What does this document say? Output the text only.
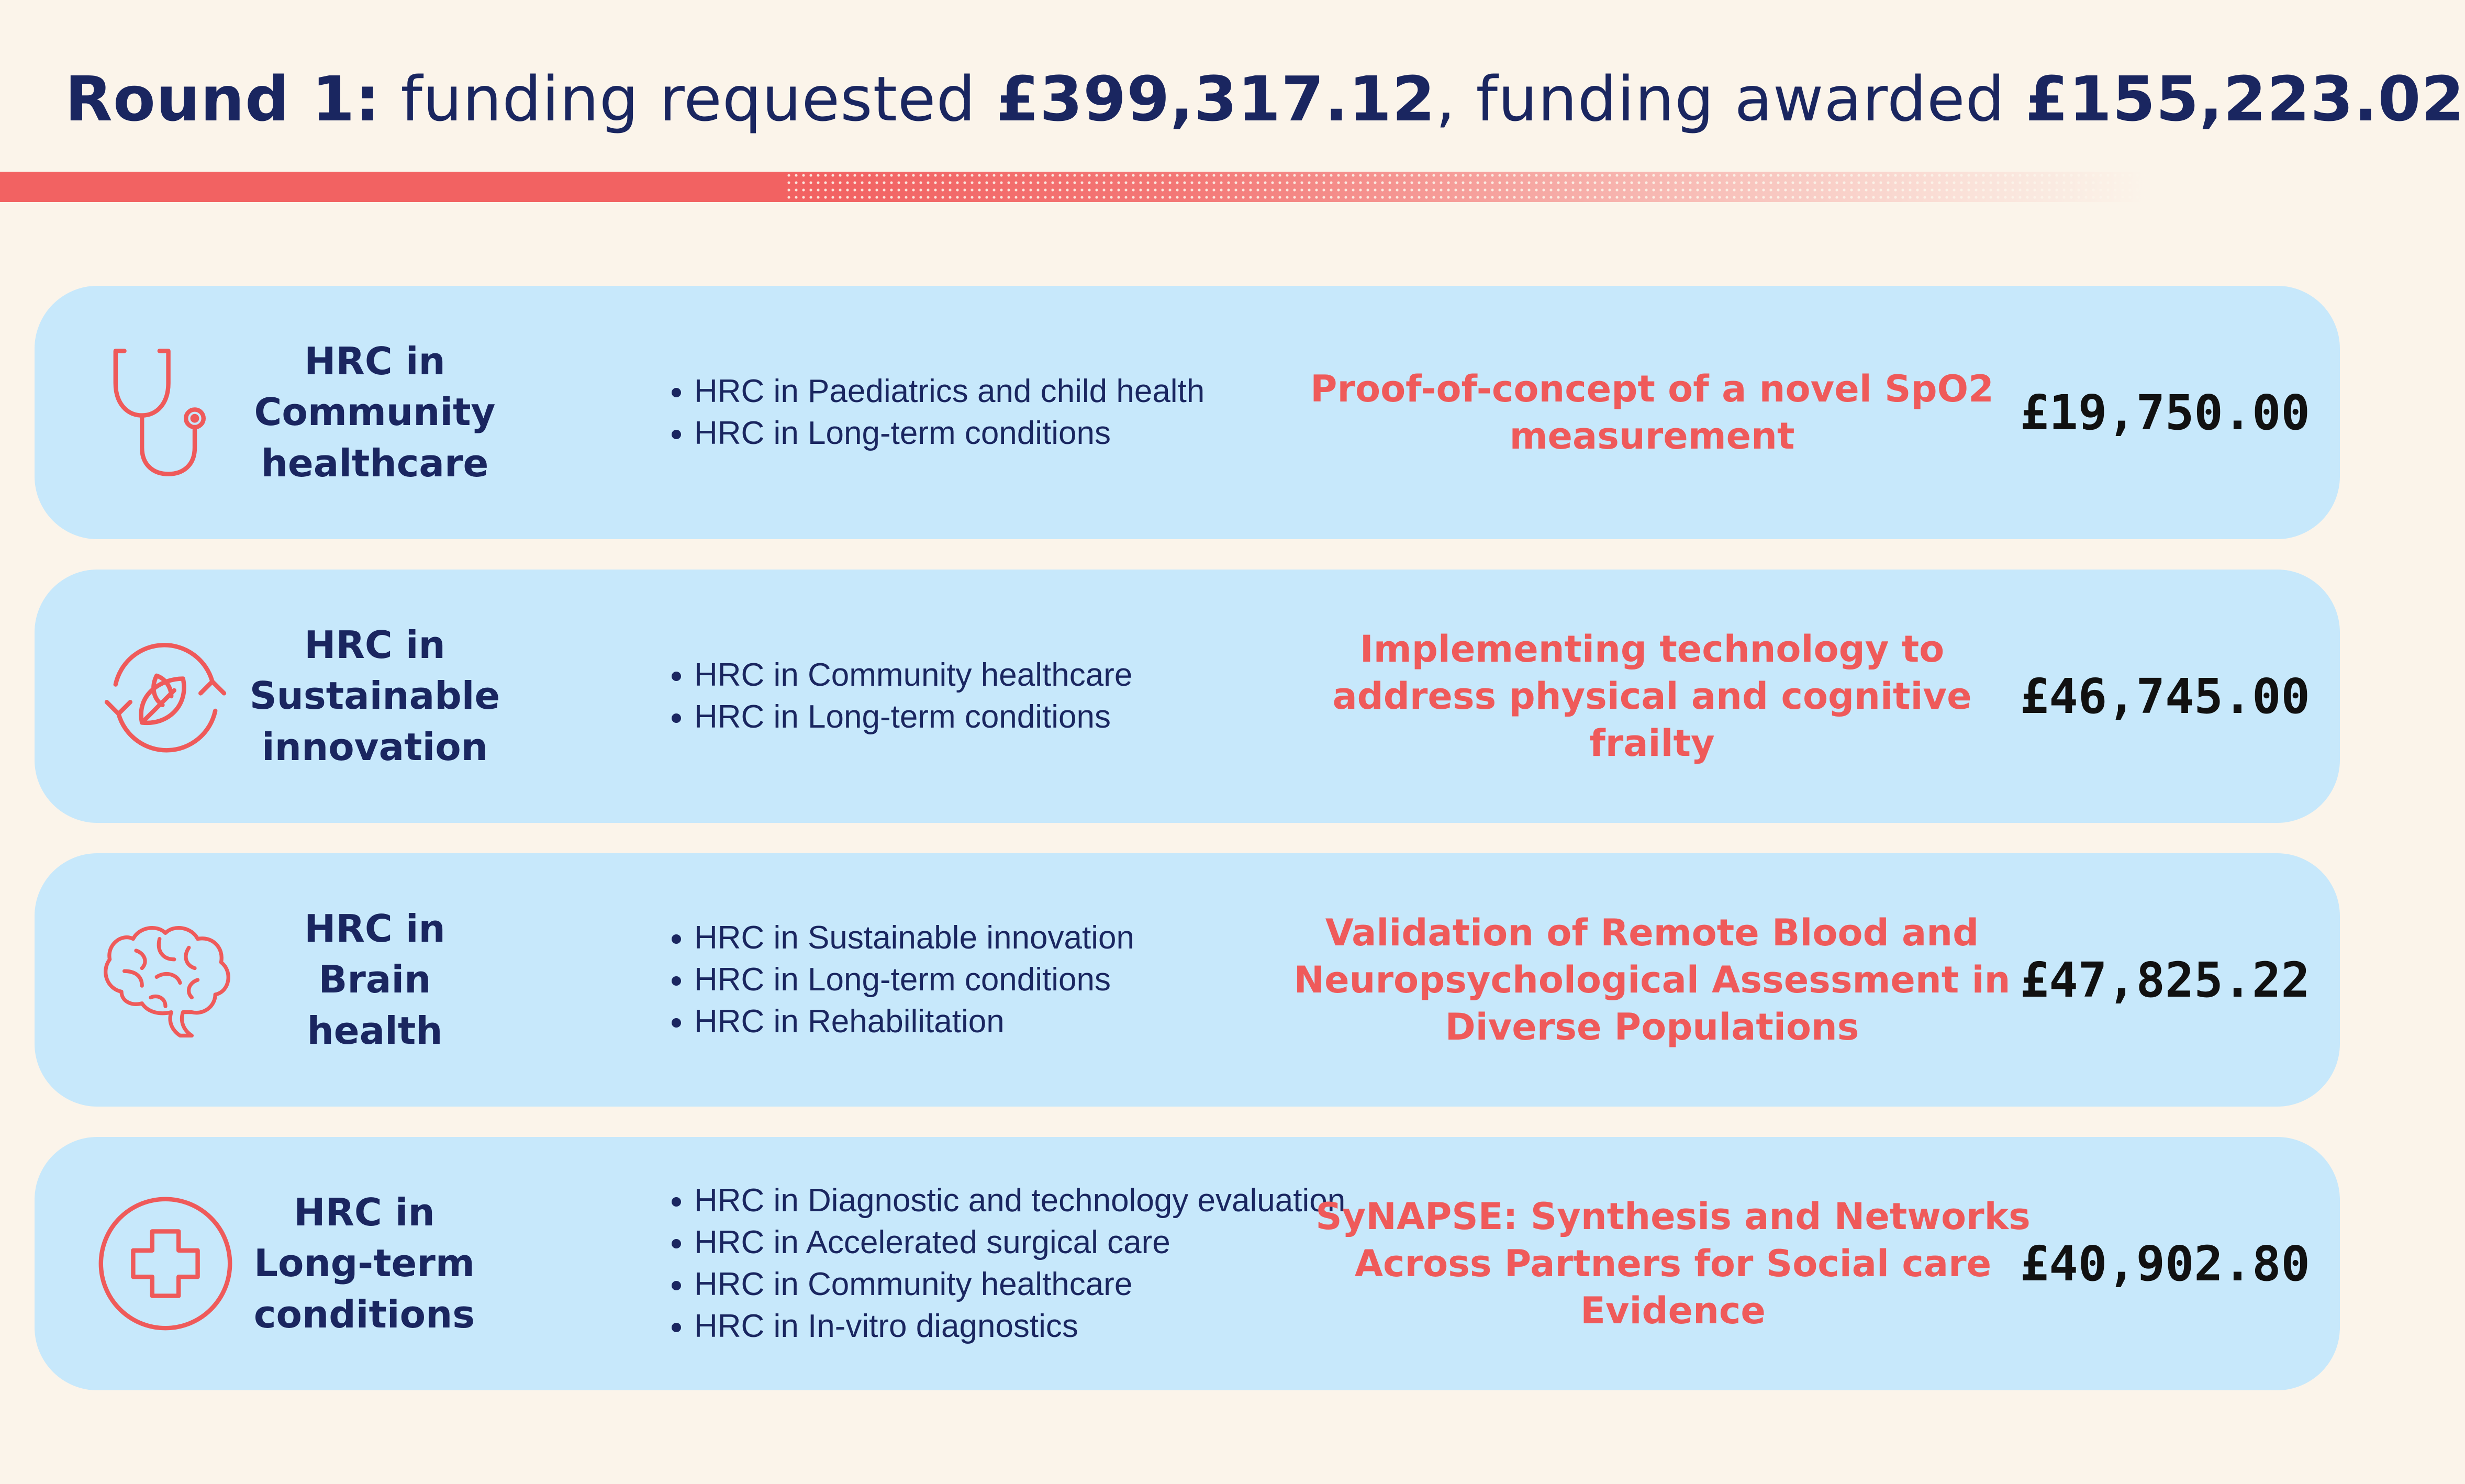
Round 1: funding requested £399,317.12, funding awarded £155,223.02
HRC in Community healthcare
• HRC in Paediatrics and child health
• HRC in Long-term conditions
Proof-of-concept of a novel SpO2 measurement	£19,750.00
HRC in Sustainable innovation
• HRC in Community healthcare
• HRC in Long-term conditions
Implementing technology to address physical and cognitive frailty
£46,745.00
HRC in Brain health
• HRC in Sustainable innovation
• HRC in Long-term conditions
• HRC in Rehabilitation
Validation of Remote Blood and Neuropsychological Assessment in Diverse Populations
£47,825.22
HRC in Long-term conditions
• HRC in Diagnostic and technology evaluation
• HRC in Accelerated surgical care
• HRC in Community healthcare
• HRC in In-vitro diagnostics
SyNAPSE: Synthesis and Networks Across Partners for Social care Evidence
£40,902.80
